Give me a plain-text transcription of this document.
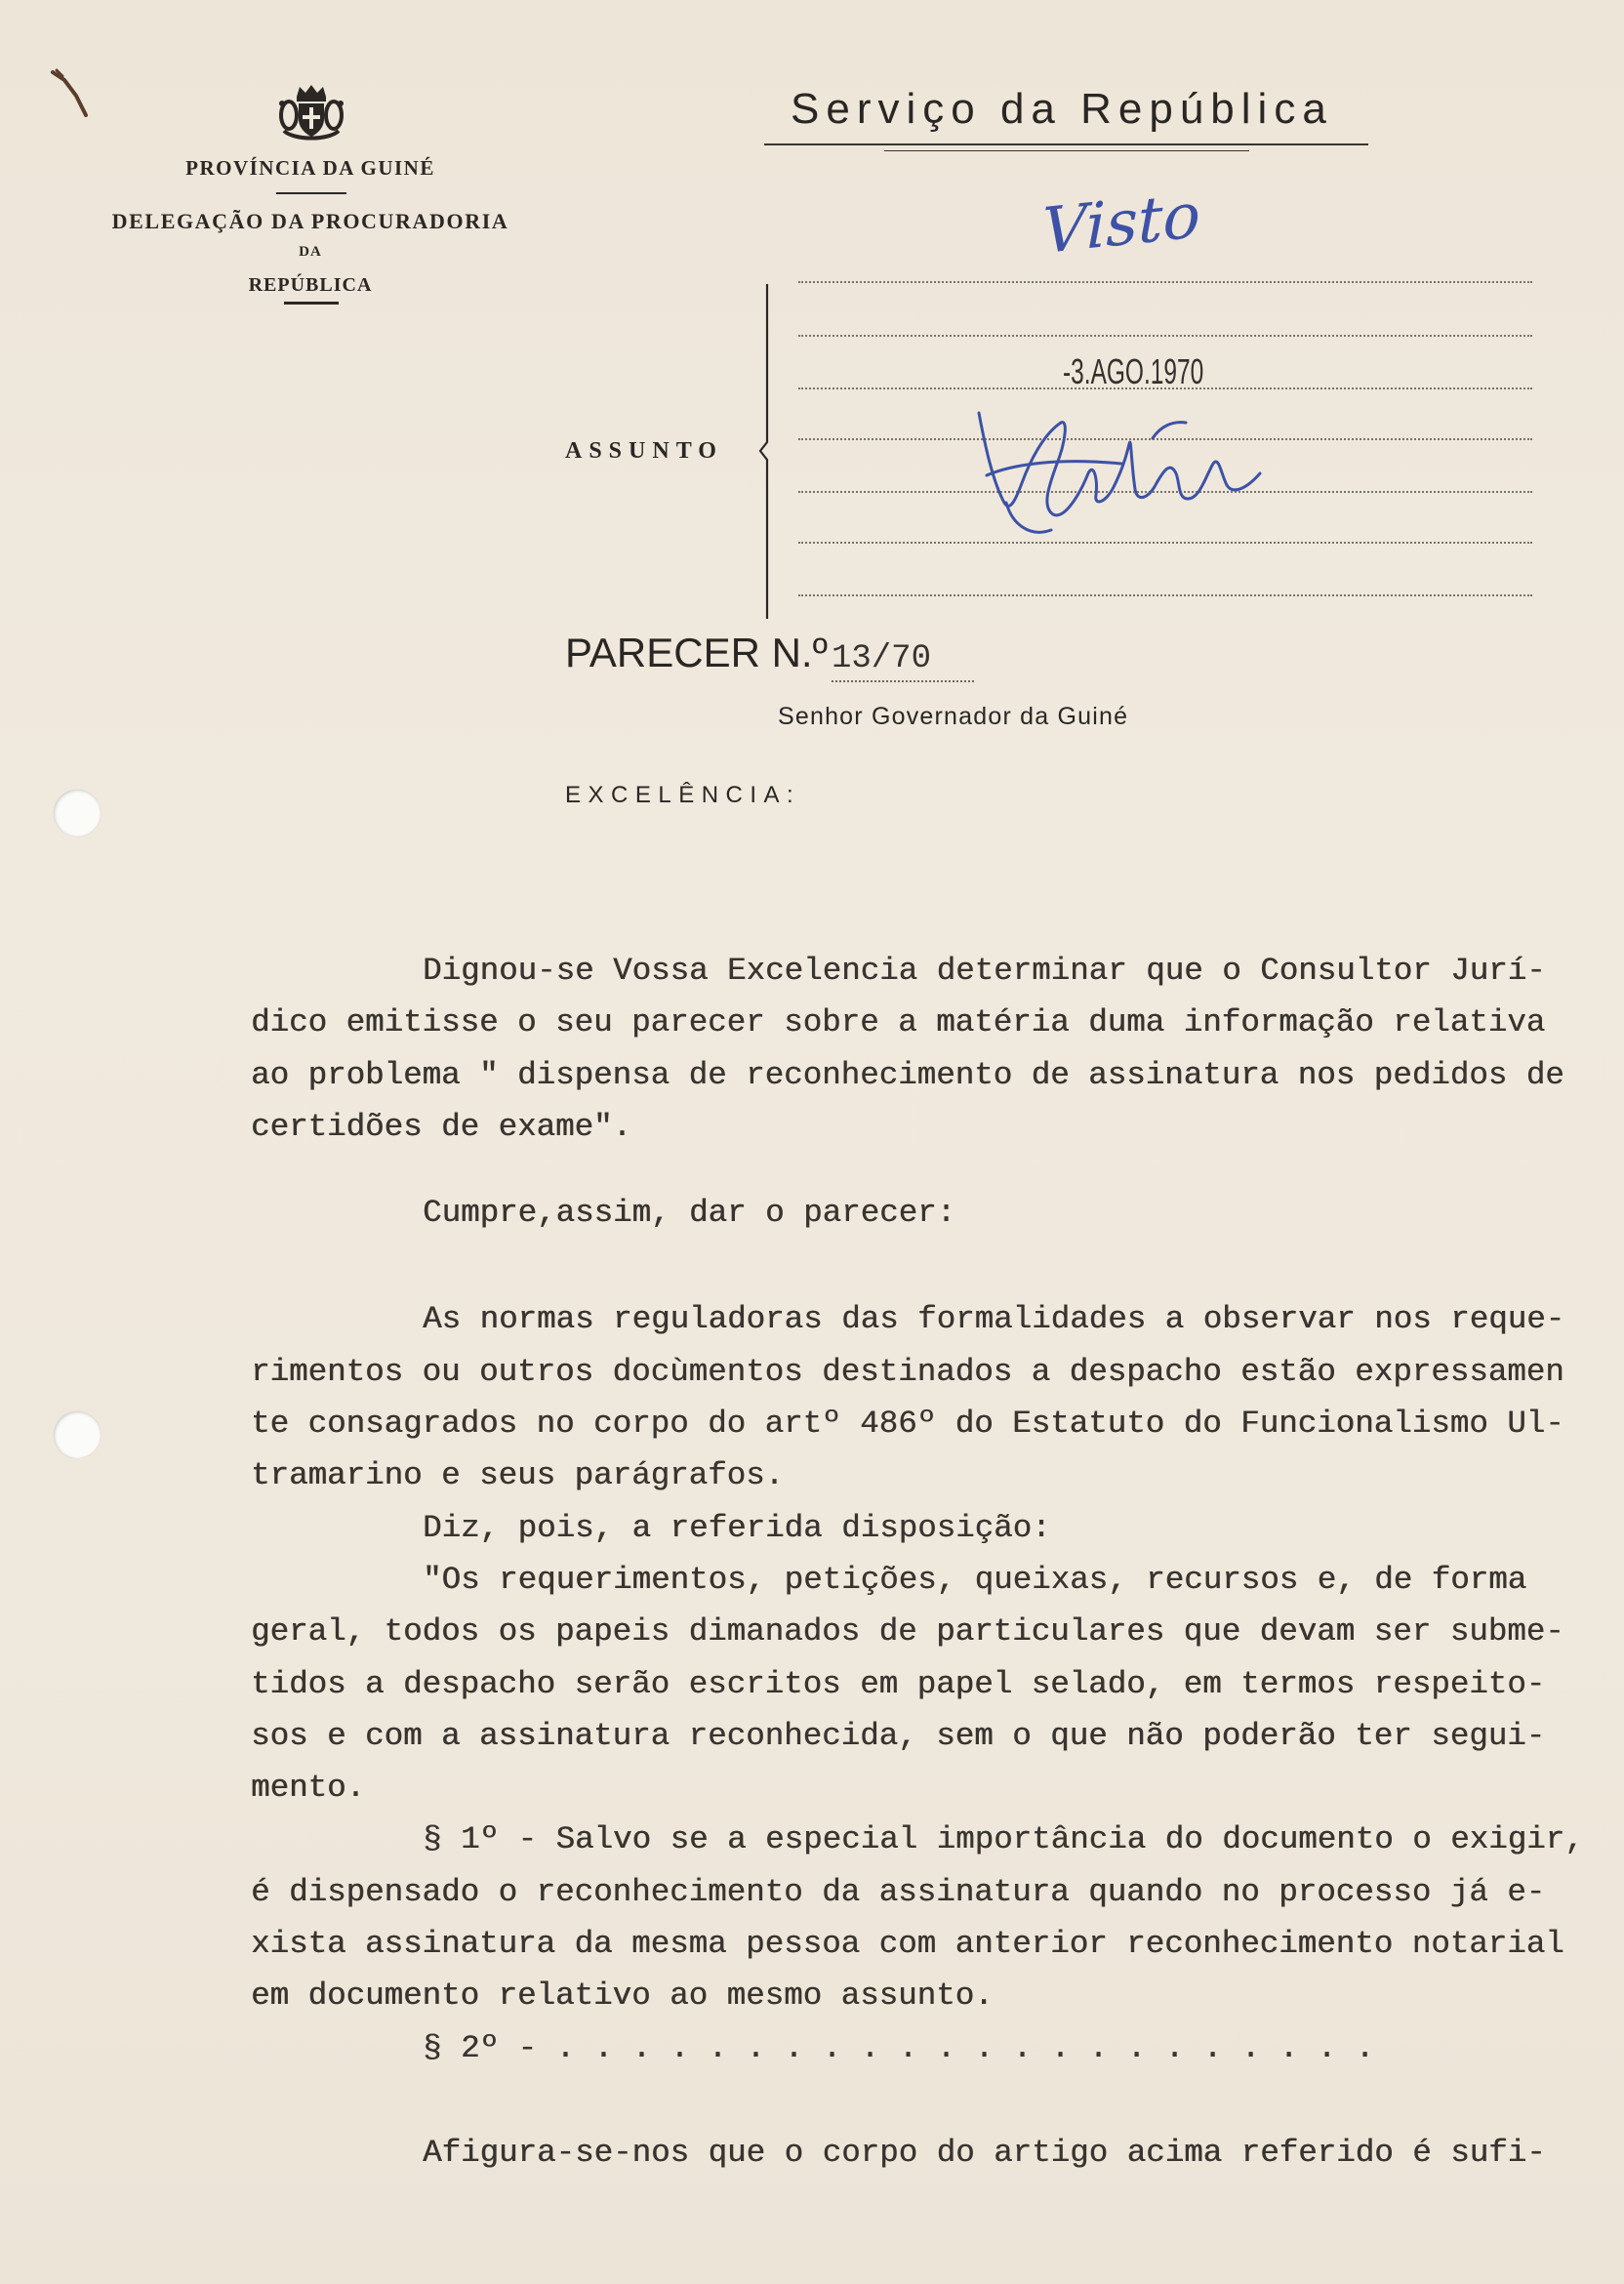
PROVÍNCIA DA GUINÉ
DELEGAÇÃO DA PROCURADORIA
DA
REPÚBLICA
Serviço da República
ASSUNTO
Visto
-3.AGO.1970
PARECER N.º 13/70
Senhor Governador da Guiné
EXCELÊNCIA:
Dignou-se Vossa Excelencia determinar que o Consultor Jurí-
dico emitisse o seu parecer sobre a matéria duma informação relativa
ao problema " dispensa de reconhecimento de assinatura nos pedidos de
certidões de exame".
Cumpre,assim, dar o parecer:
As normas reguladoras das formalidades a observar nos reque-
rimentos ou outros docùmentos destinados a despacho estão expressamen
te consagrados no corpo do artº 486º do Estatuto do Funcionalismo Ul-
tramarino e seus parágrafos.
Diz, pois, a referida disposição:
"Os requerimentos, petições, queixas, recursos e, de forma
geral, todos os papeis dimanados de particulares que devam ser subme-
tidos a despacho serão escritos em papel selado, em termos respeito-
sos e com a assinatura reconhecida, sem o que não poderão ter segui-
mento.
§ 1º - Salvo se a especial importância do documento o exigir,
é dispensado o reconhecimento da assinatura quando no processo já e-
xista assinatura da mesma pessoa com anterior reconhecimento notarial
em documento relativo ao mesmo assunto.
§ 2º - . . . . . . . . . . . . . . . . . . . . . .
Afigura-se-nos que o corpo do artigo acima referido é sufi-
